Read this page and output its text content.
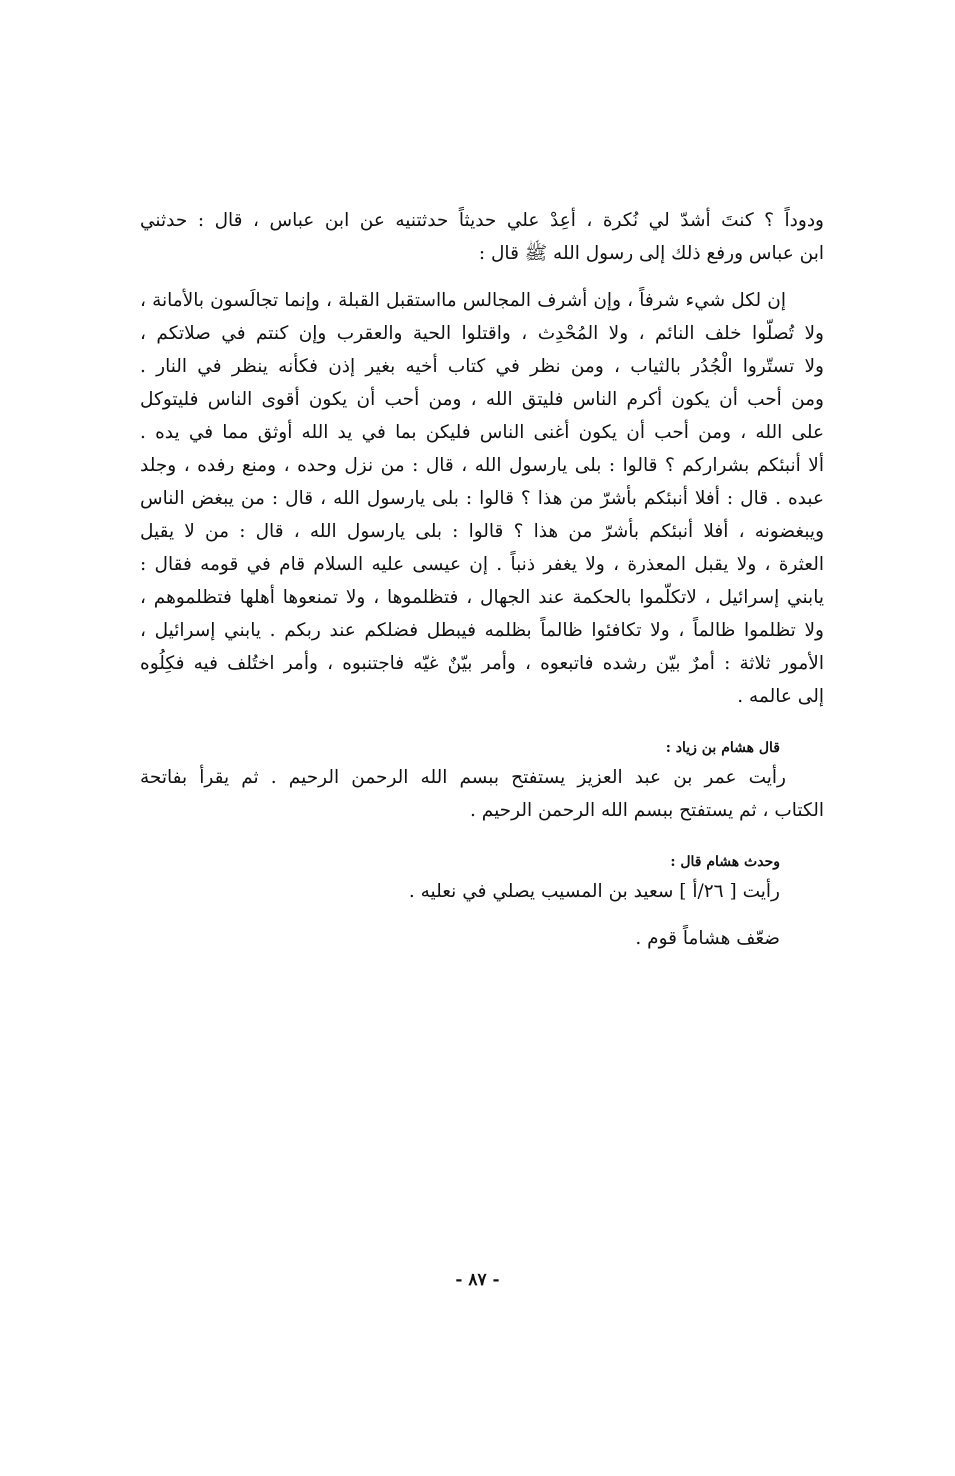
ودوداً ؟ كنتَ أشدّ لي نُكرة ، أعِدْ علي حديثاً حدثتنيه عن ابن عباس ، قال : حدثني
ابن عباس ورفع ذلك إلى رسول الله ﷺ قال :
إن لكل شيء شرفاً ، وإن أشرف المجالس مااستقبل القبلة ، وإنما تجالَسون بالأمانة ،
ولا تُصلّوا خلف النائم ، ولا المُحْدِث ، واقتلوا الحية والعقرب وإن كنتم في صلاتكم ،
ولا تستّروا الْجُدُر بالثياب ، ومن نظر في كتاب أخيه بغير إذن فكأنه ينظر في النار .
ومن أحب أن يكون أكرم الناس فليتق الله ، ومن أحب أن يكون أقوى الناس فليتوكل
على الله ، ومن أحب أن يكون أغنى الناس فليكن بما في يد الله أوثق مما في يده .
ألا أنبئكم بشراركم ؟ قالوا : بلى يارسول الله ، قال : من نزل وحده ، ومنع رفده ، وجلد
عبده . قال : أفلا أنبئكم بأشرّ من هذا ؟ قالوا : بلى يارسول الله ، قال : من يبغض الناس
ويبغضونه ، أفلا أنبئكم بأشرّ من هذا ؟ قالوا : بلى يارسول الله ، قال : من لا يقيل
العثرة ، ولا يقبل المعذرة ، ولا يغفر ذنباً . إن عيسى عليه السلام قام في قومه فقال :
يابني إسرائيل ، لاتكلّموا بالحكمة عند الجهال ، فتظلموها ، ولا تمنعوها أهلها فتظلموهم ،
ولا تظلموا ظالماً ، ولا تكافئوا ظالماً بظلمه فيبطل فضلكم عند ربكم . يابني إسرائيل ،
الأمور ثلاثة : أمرٌ بيّن رشده فاتبعوه ، وأمر بيّنٌ غيّه فاجتنبوه ، وأمر اختُلف فيه فكِلُوه
إلى عالمه .
قال هشام بن زياد :
رأيت عمر بن عبد العزيز يستفتح ببسم الله الرحمن الرحيم . ثم يقرأ بفاتحة
الكتاب ، ثم يستفتح ببسم الله الرحمن الرحيم .
وحدث هشام قال :
رأيت [ ٢٦/أ ] سعيد بن المسيب يصلي في نعليه .
ضعّف هشاماً قوم .
- ٨٧ -
